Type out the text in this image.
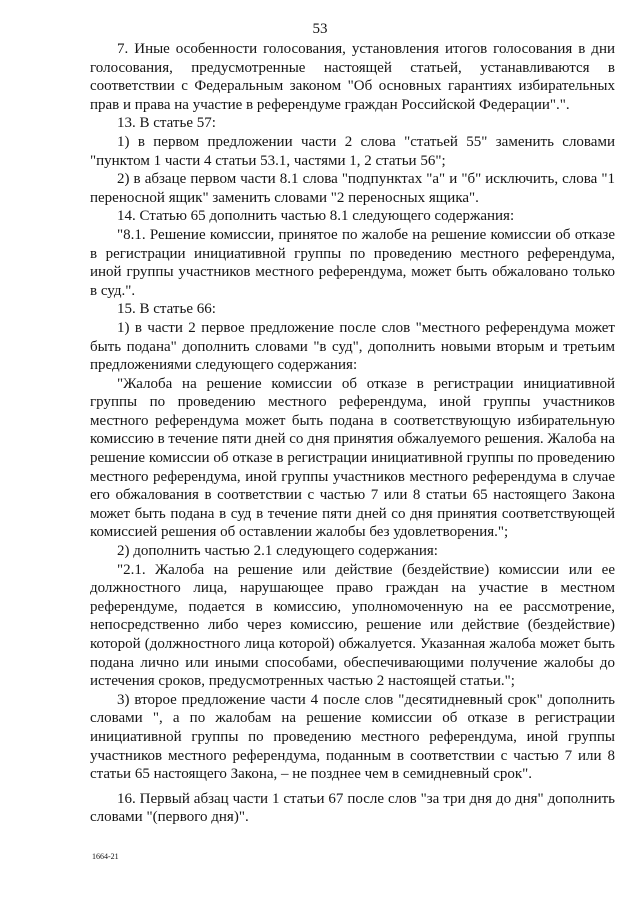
53

7. Иные особенности голосования, установления итогов голосования в дни голосования, предусмотренные настоящей статьей, устанавливаются в соответствии с Федеральным законом "Об основных гарантиях избирательных прав и права на участие в референдуме граждан Российской Федерации".".

13. В статье 57:

1) в первом предложении части 2 слова "статьей 55" заменить словами "пунктом 1 части 4 статьи 53.1, частями 1, 2 статьи 56";

2) в абзаце первом части 8.1 слова "подпунктах "а" и "б" исключить, слова "1 переносной ящик" заменить словами "2 переносных ящика".

14. Статью 65 дополнить частью 8.1 следующего содержания:

"8.1. Решение комиссии, принятое по жалобе на решение комиссии об отказе в регистрации инициативной группы по проведению местного референдума, иной группы участников местного референдума, может быть обжаловано только в суд.".

15. В статье 66:

1) в части 2 первое предложение после слов "местного референдума может быть подана" дополнить словами "в суд", дополнить новыми вторым и третьим предложениями следующего содержания:

"Жалоба на решение комиссии об отказе в регистрации инициативной группы по проведению местного референдума, иной группы участников местного референдума может быть подана в соответствующую избирательную комиссию в течение пяти дней со дня принятия обжалуемого решения. Жалоба на решение комиссии об отказе в регистрации инициативной группы по проведению местного референдума, иной группы участников местного референдума в случае его обжалования в соответствии с частью 7 или 8 статьи 65 настоящего Закона может быть подана в суд в течение пяти дней со дня принятия соответствующей комиссией решения об оставлении жалобы без удовлетворения.";

2) дополнить частью 2.1 следующего содержания:

"2.1. Жалоба на решение или действие (бездействие) комиссии или ее должностного лица, нарушающее право граждан на участие в местном референдуме, подается в комиссию, уполномоченную на ее рассмотрение, непосредственно либо через комиссию, решение или действие (бездействие) которой (должностного лица которой) обжалуется. Указанная жалоба может быть подана лично или иными способами, обеспечивающими получение жалобы до истечения сроков, предусмотренных частью 2 настоящей статьи.";

3) второе предложение части 4 после слов "десятидневный срок" дополнить словами ", а по жалобам на решение комиссии об отказе в регистрации инициативной группы по проведению местного референдума, иной группы участников местного референдума, поданным в соответствии с частью 7 или 8 статьи 65 настоящего Закона, – не позднее чем в семидневный срок".

16. Первый абзац части 1 статьи 67 после слов "за три дня до дня" дополнить словами "(первого дня)".

1664-21
